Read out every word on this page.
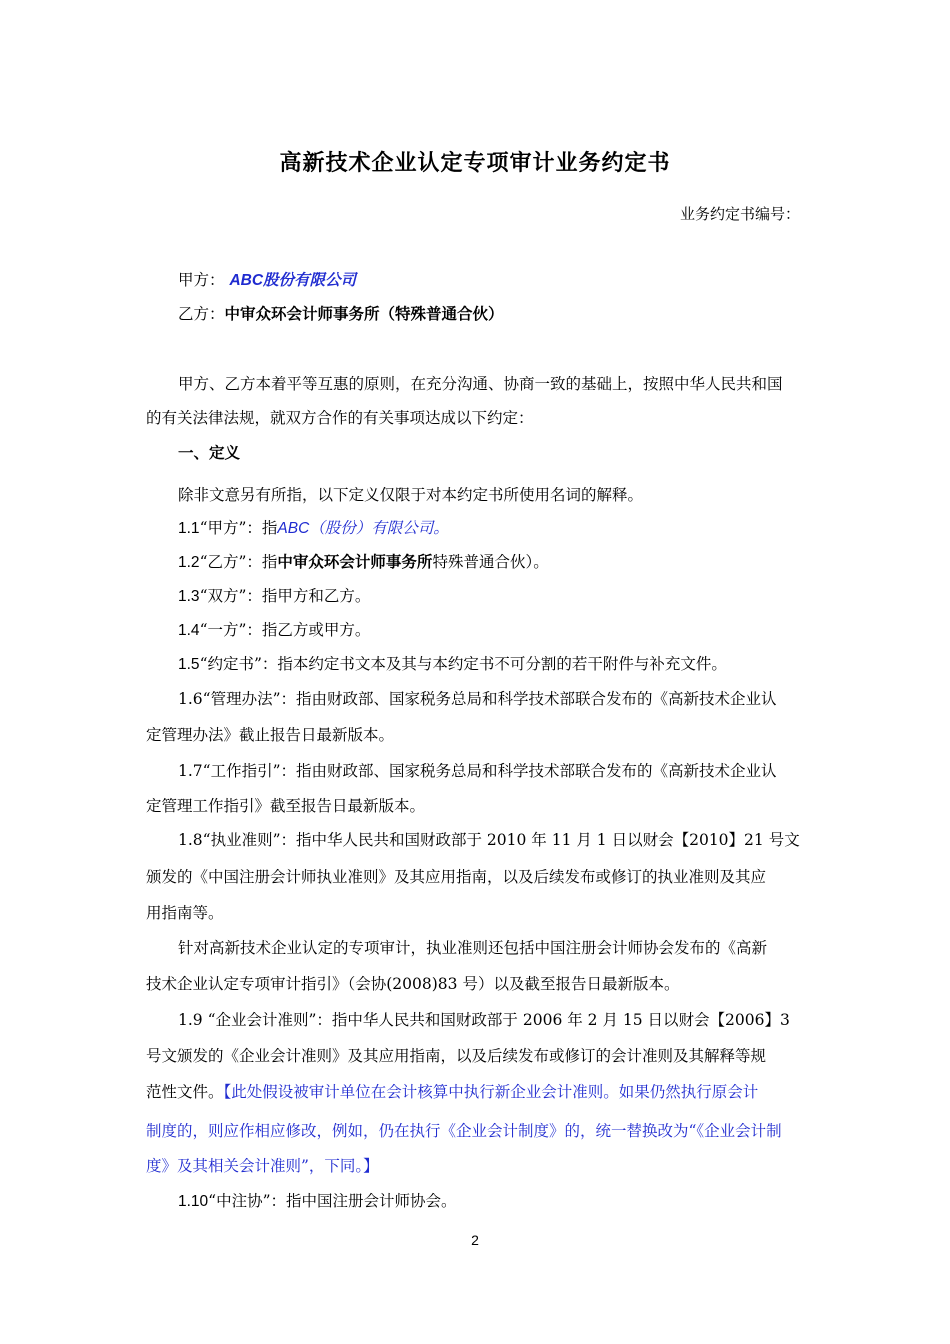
高新技术企业认定专项审计业务约定书
业务约定书编号：
甲方： ABC股份有限公司
乙方：中审众环会计师事务所（特殊普通合伙）
甲方、乙方本着平等互惠的原则，在充分沟通、协商一致的基础上，按照中华人民共和国
的有关法律法规，就双方合作的有关事项达成以下约定：
一、定义
除非文意另有所指，以下定义仅限于对本约定书所使用名词的解释。
1.1“甲方”：指ABC（股份）有限公司。
1.2“乙方”：指中审众环会计师事务所特殊普通合伙）。
1.3“双方”：指甲方和乙方。
1.4“一方”：指乙方或甲方。
1.5“约定书”：指本约定书文本及其与本约定书不可分割的若干附件与补充文件。
1.6“管理办法”：指由财政部、国家税务总局和科学技术部联合发布的《高新技术企业认
定管理办法》截止报告日最新版本。
1.7“工作指引”：指由财政部、国家税务总局和科学技术部联合发布的《高新技术企业认
定管理工作指引》截至报告日最新版本。
1.8“执业准则”：指中华人民共和国财政部于 2010 年 11 月 1 日以财会【2010】21 号文
颁发的《中国注册会计师执业准则》及其应用指南，以及后续发布或修订的执业准则及其应
用指南等。
针对高新技术企业认定的专项审计，执业准则还包括中国注册会计师协会发布的《高新
技术企业认定专项审计指引》（会协(2008)83 号）以及截至报告日最新版本。
1.9 “企业会计准则”：指中华人民共和国财政部于 2006 年 2 月 15 日以财会【2006】3
号文颁发的《企业会计准则》及其应用指南，以及后续发布或修订的会计准则及其解释等规
范性文件。【此处假设被审计单位在会计核算中执行新企业会计准则。如果仍然执行原会计
制度的，则应作相应修改，例如，仍在执行《企业会计制度》的，统一替换改为“《企业会计制
度》及其相关会计准则”，下同。】
1.10“中注协”：指中国注册会计师协会。
2
